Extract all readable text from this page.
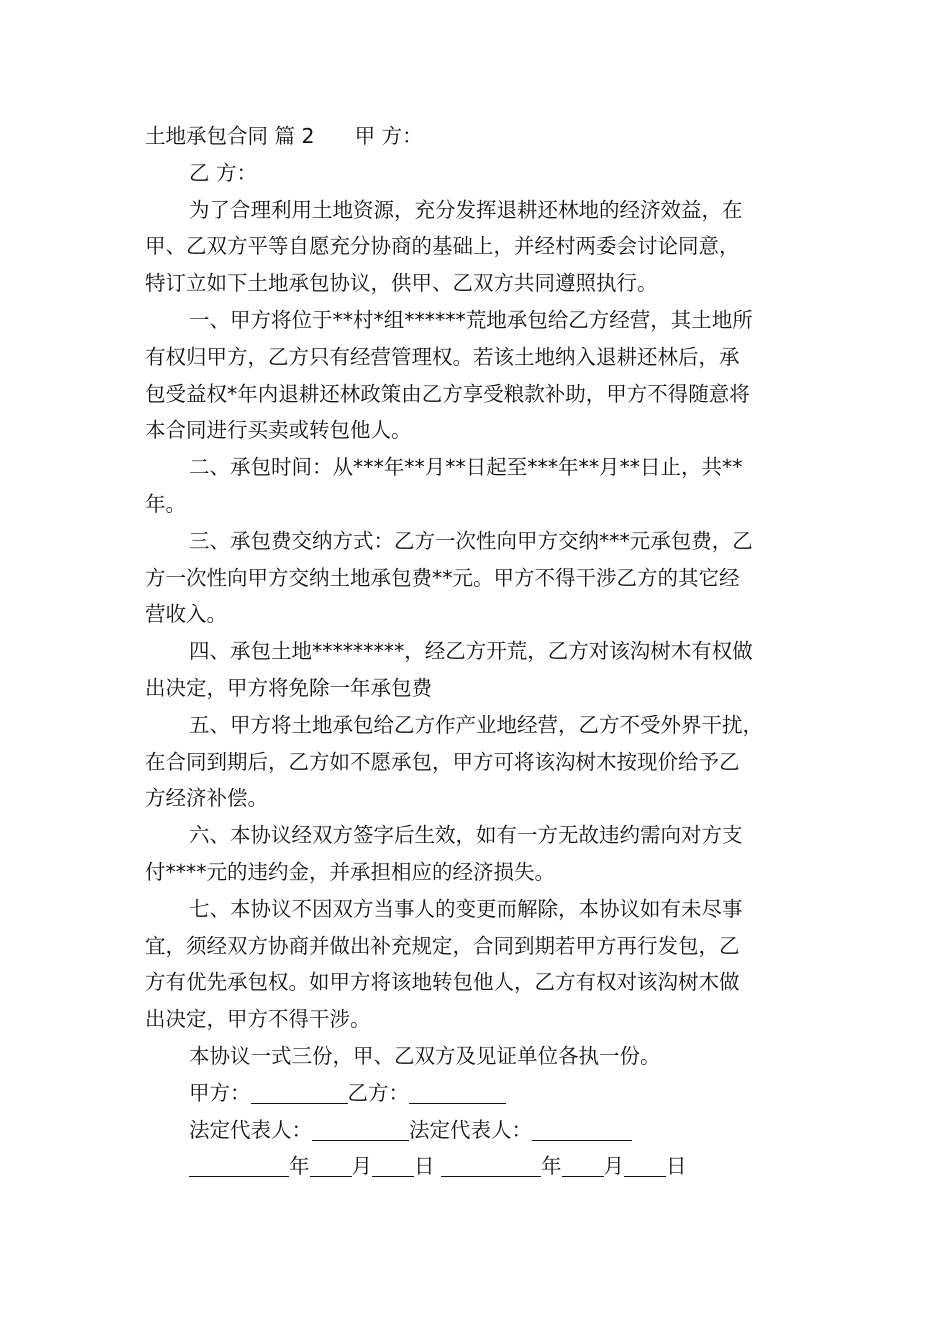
土地承包合同 篇 2 甲 方：
乙 方：
为了合理利用土地资源，充分发挥退耕还林地的经济效益，在
甲、乙双方平等自愿充分协商的基础上，并经村两委会讨论同意，
特订立如下土地承包协议，供甲、乙双方共同遵照执行。
一、甲方将位于**村*组******荒地承包给乙方经营，其土地所
有权归甲方，乙方只有经营管理权。若该土地纳入退耕还林后，承
包受益权*年内退耕还林政策由乙方享受粮款补助，甲方不得随意将
本合同进行买卖或转包他人。
二、承包时间：从***年**月**日起至***年**月**日止，共**
年。
三、承包费交纳方式：乙方一次性向甲方交纳***元承包费，乙
方一次性向甲方交纳土地承包费**元。甲方不得干涉乙方的其它经
营收入。
四、承包土地*********，经乙方开荒，乙方对该沟树木有权做
出决定，甲方将免除一年承包费
五、甲方将土地承包给乙方作产业地经营，乙方不受外界干扰，
在合同到期后，乙方如不愿承包，甲方可将该沟树木按现价给予乙
方经济补偿。
六、本协议经双方签字后生效，如有一方无故违约需向对方支
付****元的违约金，并承担相应的经济损失。
七、本协议不因双方当事人的变更而解除，本协议如有未尽事
宜，须经双方协商并做出补充规定，合同到期若甲方再行发包，乙
方有优先承包权。如甲方将该地转包他人，乙方有权对该沟树木做
出决定，甲方不得干涉。
本协议一式三份，甲、乙双方及见证单位各执一份。
甲方：	乙方：
法定代表人：	法定代表人：
年 月 日	年 月 日
